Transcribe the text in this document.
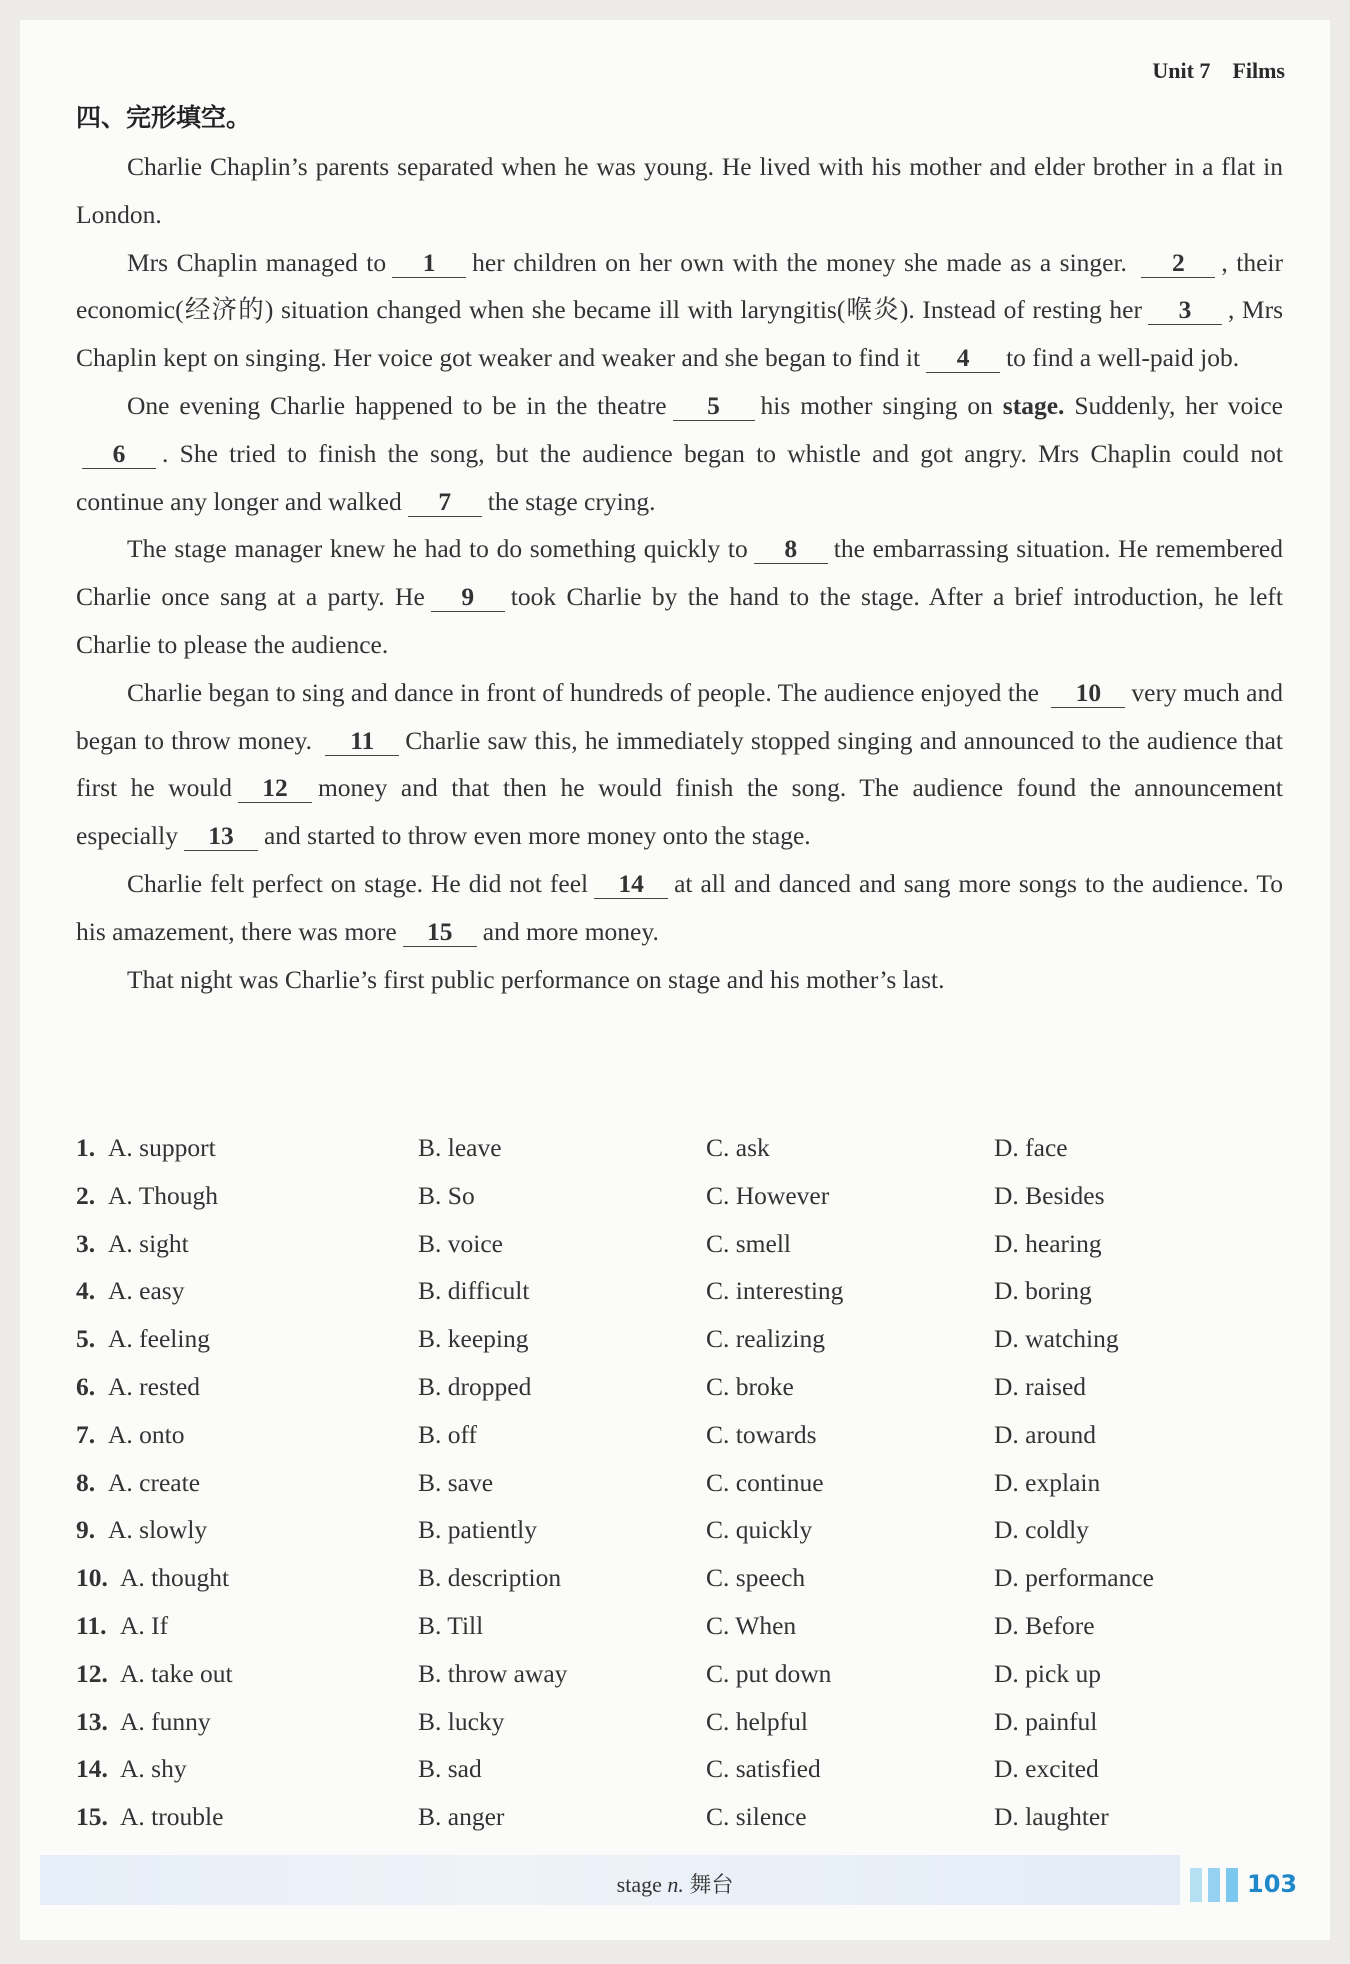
Unit 7 Films
四、完形填空。

Charlie Chaplin’s parents separated when he was young. He lived with his mother and elder brother in a flat in London.

Mrs Chaplin managed to 1 her children on her own with the money she made as a singer. 2 , their economic(经济的) situation changed when she became ill with laryngitis(喉炎). Instead of resting her 3 , Mrs Chaplin kept on singing. Her voice got weaker and weaker and she began to find it 4 to find a well-paid job.

One evening Charlie happened to be in the theatre 5 his mother singing on stage. Suddenly, her voice6 . She tried to finish the song, but the audience began to whistle and got angry. Mrs Chaplin could not continue any longer and walked 7 the stage crying.

The stage manager knew he had to do something quickly to 8 the embarrassing situation. He remembered Charlie once sang at a party. He 9 took Charlie by the hand to the stage. After a brief introduction, he left Charlie to please the audience.

Charlie began to sing and dance in front of hundreds of people. The audience enjoyed the 10 very much and began to throw money. 11 Charlie saw this, he immediately stopped singing and announced to the audience that first he would 12 money and that then he would finish the song. The audience found the announcement especially 13 and started to throw even more money onto the stage.

Charlie felt perfect on stage. He did not feel 14 at all and danced and sang more songs to the audience. To his amazement, there was more 15 and more money.

That night was Charlie’s first public performance on stage and his mother’s last.

1. A. support	B. leave	C. ask	D. face
2. A. Though	B. So	C. However	D. Besides
3. A. sight	B. voice	C. smell	D. hearing
4. A. easy	B. difficult	C. interesting	D. boring
5. A. feeling	B. keeping	C. realizing	D. watching
6. A. rested	B. dropped	C. broke	D. raised
7. A. onto	B. off	C. towards	D. around
8. A. create	B. save	C. continue	D. explain
9. A. slowly	B. patiently	C. quickly	D. coldly
10. A. thought	B. description	C. speech	D. performance
11. A. If	B. Till	C. When	D. Before
12. A. take out	B. throw away	C. put down	D. pick up
13. A. funny	B. lucky	C. helpful	D. painful
14. A. shy	B. sad	C. satisfied	D. excited
15. A. trouble	B. anger	C. silence	D. laughter
stage n. 舞台	103
